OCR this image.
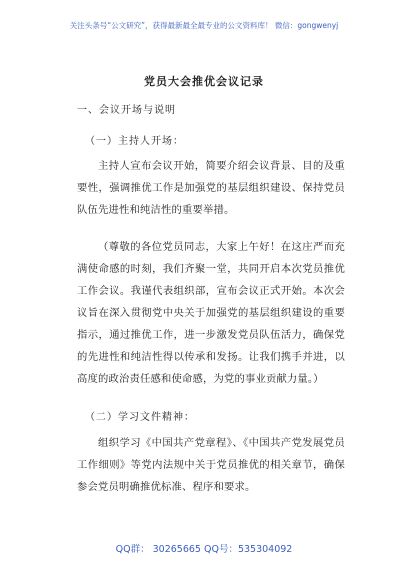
关注头条号“公文研究”，获得最新最全最专业的公文资料库！ 微信：gongwenyj
党员大会推优会议记录
一、会议开场与说明
（一）主持人开场：
主持人宣布会议开始，简要介绍会议背景、目的及重要性，强调推优工作是加强党的基层组织建设、保持党员队伍先进性和纯洁性的重要举措。
（尊敬的各位党员同志，大家上午好！在这庄严而充满使命感的时刻，我们齐聚一堂，共同开启本次党员推优工作会议。我谨代表组织部，宣布会议正式开始。本次会议旨在深入贯彻党中央关于加强党的基层组织建设的重要指示，通过推优工作，进一步激发党员队伍活力，确保党的先进性和纯洁性得以传承和发扬。让我们携手并进，以高度的政治责任感和使命感，为党的事业贡献力量。）
（二）学习文件精神：
组织学习《中国共产党章程》、《中国共产党发展党员工作细则》等党内法规中关于党员推优的相关章节，确保参会党员明确推优标准、程序和要求。
QQ群： 30265665 QQ号：535304092
